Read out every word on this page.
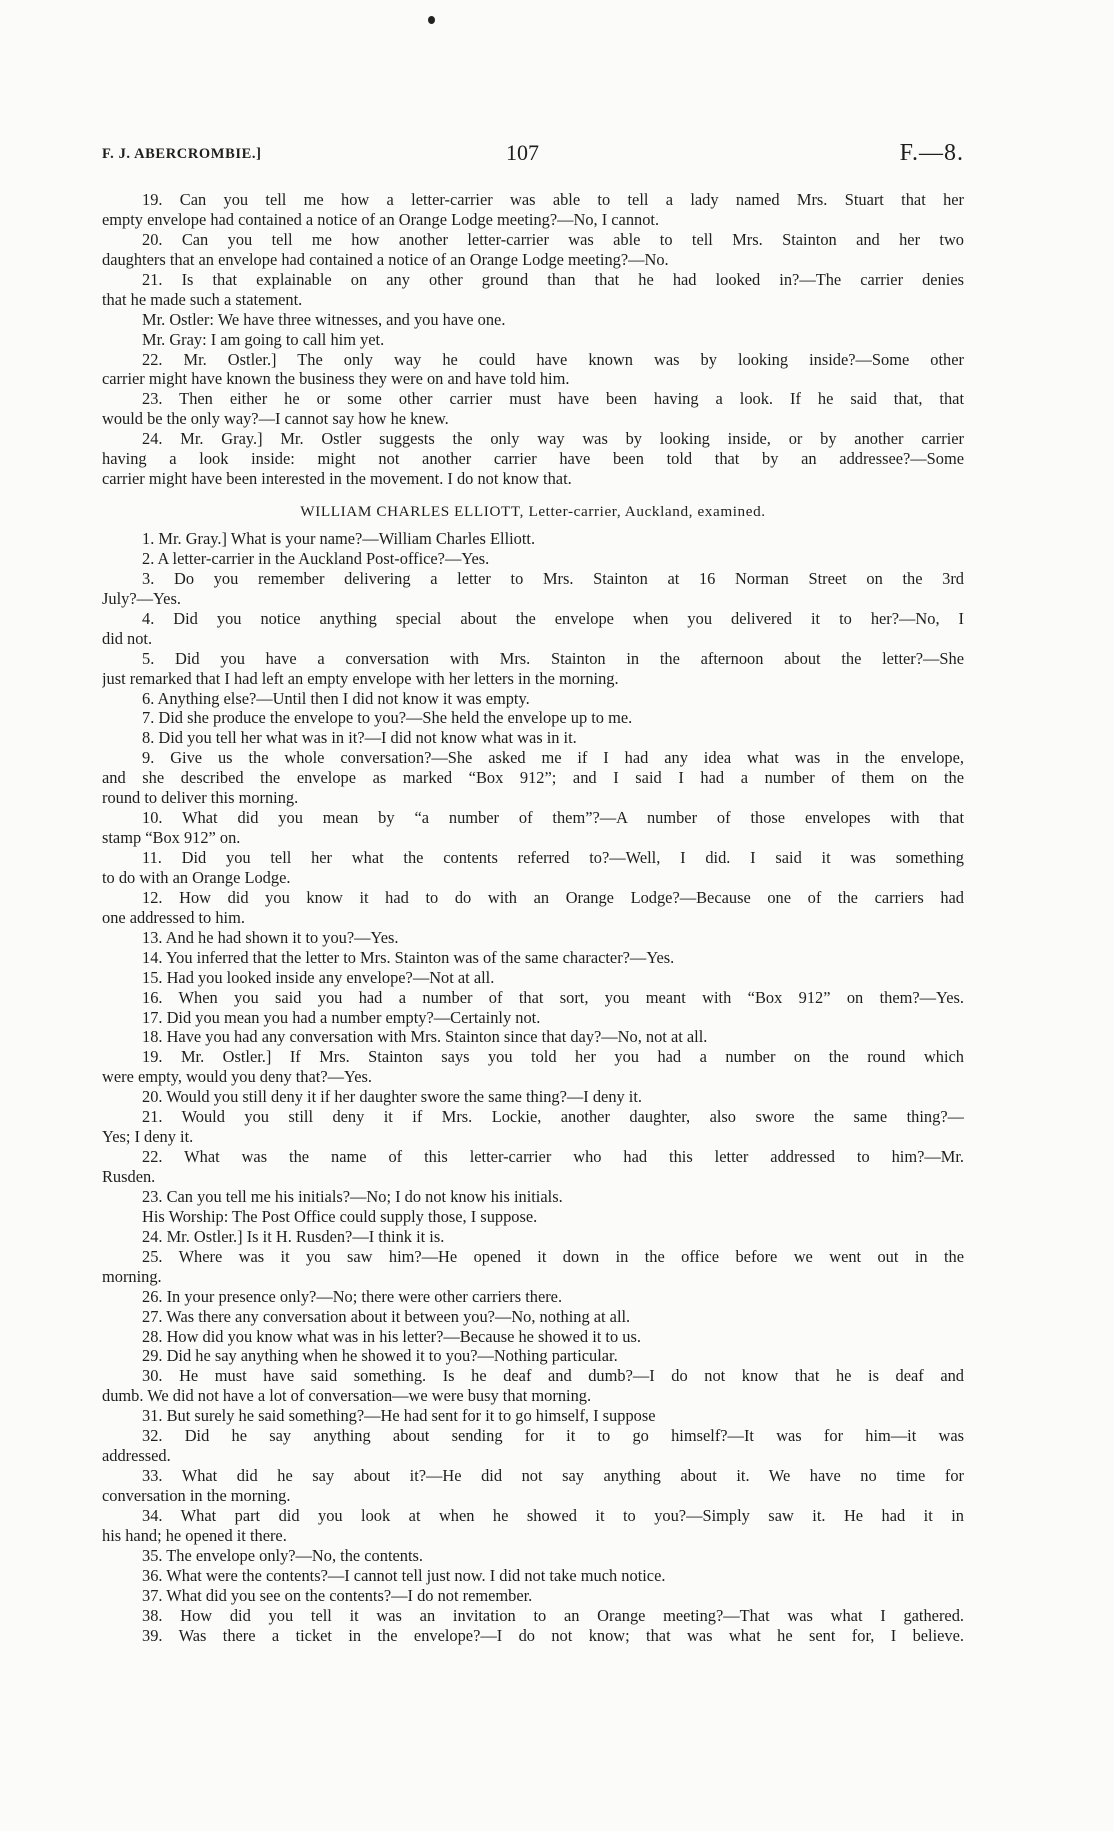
F. J. ABERCROMBIE.]	107	F.—8.
19. Can you tell me how a letter-carrier was able to tell a lady named Mrs. Stuart that her
empty envelope had contained a notice of an Orange Lodge meeting?—No, I cannot.
20. Can you tell me how another letter-carrier was able to tell Mrs. Stainton and her two
daughters that an envelope had contained a notice of an Orange Lodge meeting?—No.
21. Is that explainable on any other ground than that he had looked in?—The carrier denies
that he made such a statement.
Mr. Ostler: We have three witnesses, and you have one.
Mr. Gray: I am going to call him yet.
22. Mr. Ostler.] The only way he could have known was by looking inside?—Some other
carrier might have known the business they were on and have told him.
23. Then either he or some other carrier must have been having a look. If he said that, that
would be the only way?—I cannot say how he knew.
24. Mr. Gray.] Mr. Ostler suggests the only way was by looking inside, or by another carrier
having a look inside: might not another carrier have been told that by an addressee?—Some
carrier might have been interested in the movement. I do not know that.
WILLIAM CHARLES ELLIOTT, Letter-carrier, Auckland, examined.
1. Mr. Gray.] What is your name?—William Charles Elliott.
2. A letter-carrier in the Auckland Post-office?—Yes.
3. Do you remember delivering a letter to Mrs. Stainton at 16 Norman Street on the 3rd
July?—Yes.
4. Did you notice anything special about the envelope when you delivered it to her?—No, I
did not.
5. Did you have a conversation with Mrs. Stainton in the afternoon about the letter?—She
just remarked that I had left an empty envelope with her letters in the morning.
6. Anything else?—Until then I did not know it was empty.
7. Did she produce the envelope to you?—She held the envelope up to me.
8. Did you tell her what was in it?—I did not know what was in it.
9. Give us the whole conversation?—She asked me if I had any idea what was in the envelope,
and she described the envelope as marked “Box 912”; and I said I had a number of them on the
round to deliver this morning.
10. What did you mean by “a number of them”?—A number of those envelopes with that
stamp “Box 912” on.
11. Did you tell her what the contents referred to?—Well, I did. I said it was something
to do with an Orange Lodge.
12. How did you know it had to do with an Orange Lodge?—Because one of the carriers had
one addressed to him.
13. And he had shown it to you?—Yes.
14. You inferred that the letter to Mrs. Stainton was of the same character?—Yes.
15. Had you looked inside any envelope?—Not at all.
16. When you said you had a number of that sort, you meant with “Box 912” on them?—Yes.
17. Did you mean you had a number empty?—Certainly not.
18. Have you had any conversation with Mrs. Stainton since that day?—No, not at all.
19. Mr. Ostler.] If Mrs. Stainton says you told her you had a number on the round which
were empty, would you deny that?—Yes.
20. Would you still deny it if her daughter swore the same thing?—I deny it.
21. Would you still deny it if Mrs. Lockie, another daughter, also swore the same thing?—
Yes; I deny it.
22. What was the name of this letter-carrier who had this letter addressed to him?—Mr.
Rusden.
23. Can you tell me his initials?—No; I do not know his initials.
His Worship: The Post Office could supply those, I suppose.
24. Mr. Ostler.] Is it H. Rusden?—I think it is.
25. Where was it you saw him?—He opened it down in the office before we went out in the
morning.
26. In your presence only?—No; there were other carriers there.
27. Was there any conversation about it between you?—No, nothing at all.
28. How did you know what was in his letter?—Because he showed it to us.
29. Did he say anything when he showed it to you?—Nothing particular.
30. He must have said something. Is he deaf and dumb?—I do not know that he is deaf and
dumb. We did not have a lot of conversation—we were busy that morning.
31. But surely he said something?—He had sent for it to go himself, I suppose
32. Did he say anything about sending for it to go himself?—It was for him—it was
addressed.
33. What did he say about it?—He did not say anything about it. We have no time for
conversation in the morning.
34. What part did you look at when he showed it to you?—Simply saw it. He had it in
his hand; he opened it there.
35. The envelope only?—No, the contents.
36. What were the contents?—I cannot tell just now. I did not take much notice.
37. What did you see on the contents?—I do not remember.
38. How did you tell it was an invitation to an Orange meeting?—That was what I gathered.
39. Was there a ticket in the envelope?—I do not know; that was what he sent for, I believe.
